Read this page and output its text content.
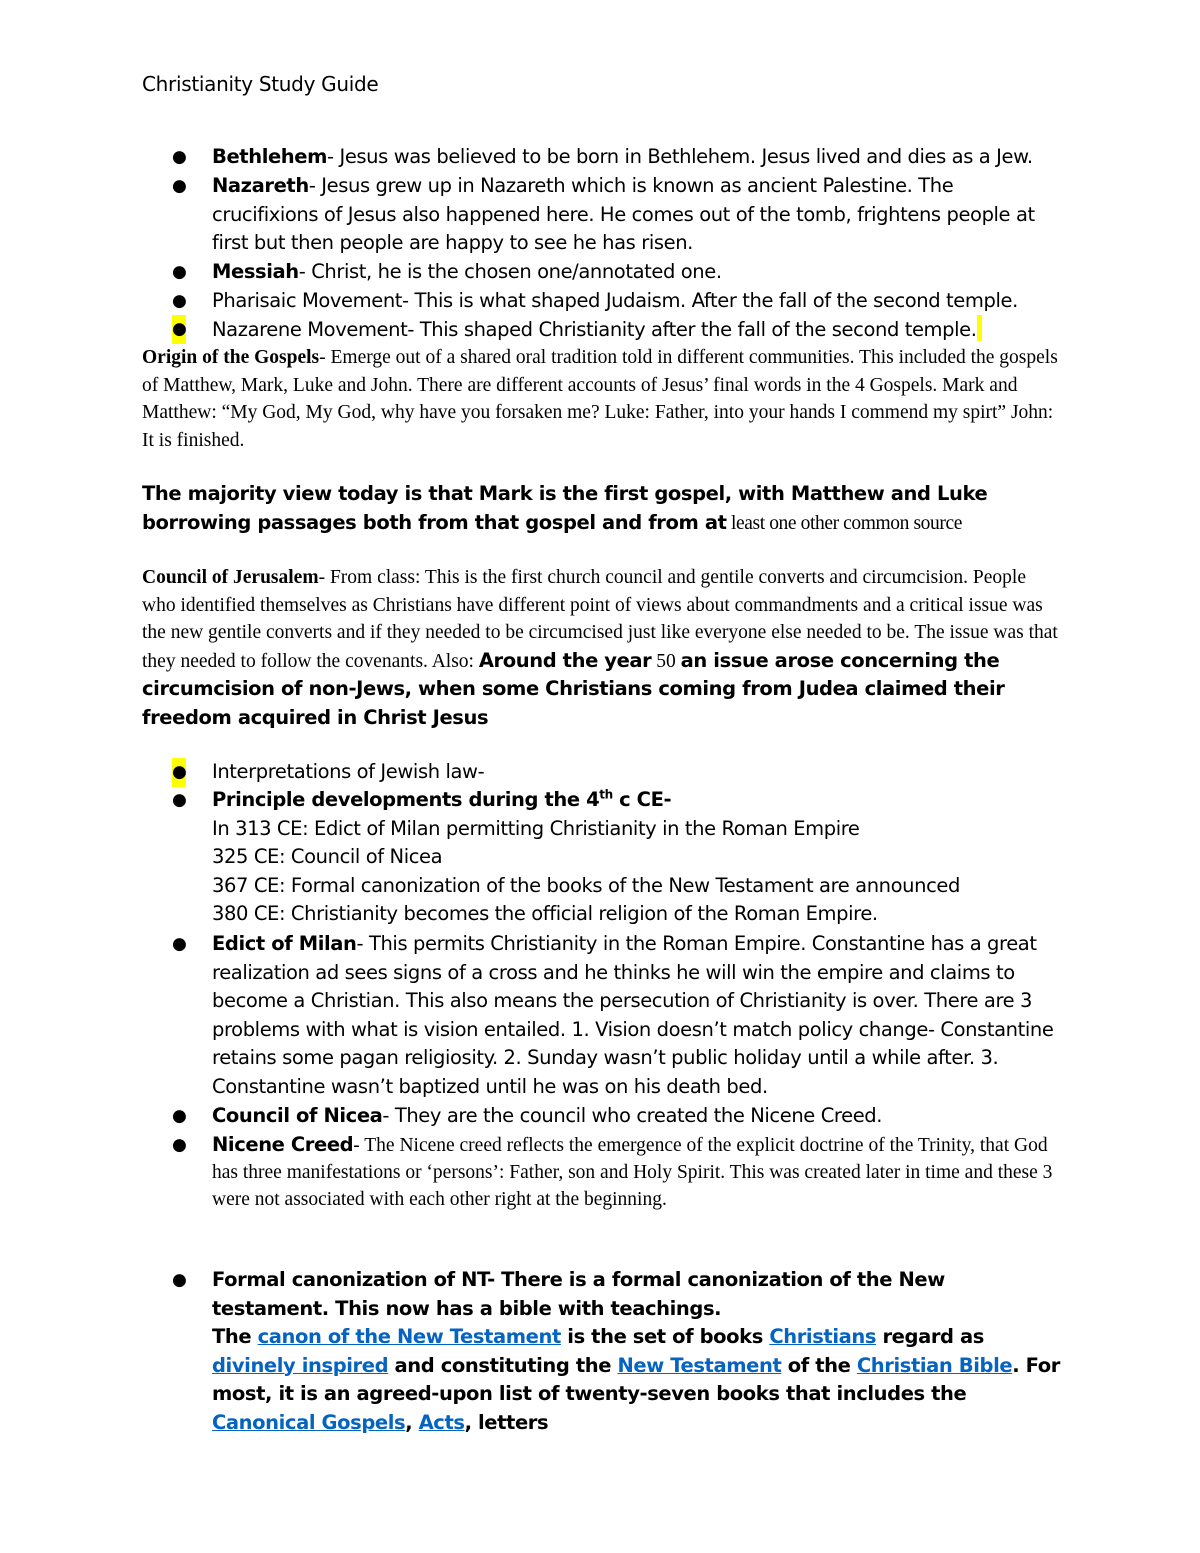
Christianity Study Guide
● Bethlehem- Jesus was believed to be born in Bethlehem. Jesus lived and dies as a Jew.
● Nazareth- Jesus grew up in Nazareth which is known as ancient Palestine. The crucifixions of Jesus also happened here. He comes out of the tomb, frightens people at first but then people are happy to see he has risen.
● Messiah- Christ, he is the chosen one/annotated one.
● Pharisaic Movement- This is what shaped Judaism. After the fall of the second temple.
● Nazarene Movement- This shaped Christianity after the fall of the second temple.
Origin of the Gospels- Emerge out of a shared oral tradition told in different communities. This included the gospels of Matthew, Mark, Luke and John. There are different accounts of Jesus’ final words in the 4 Gospels. Mark and Matthew: “My God, My God, why have you forsaken me? Luke: Father, into your hands I commend my spirt” John: It is finished.
The majority view today is that Mark is the first gospel, with Matthew and Luke borrowing passages both from that gospel and from at least one other common source
Council of Jerusalem- From class: This is the first church council and gentile converts and circumcision. People who identified themselves as Christians have different point of views about commandments and a critical issue was the new gentile converts and if they needed to be circumcised just like everyone else needed to be. The issue was that they needed to follow the covenants. Also: Around the year 50 an issue arose concerning the circumcision of non-Jews, when some Christians coming from Judea claimed their freedom acquired in Christ Jesus
● Interpretations of Jewish law-
● Principle developments during the 4th c CE-
In 313 CE: Edict of Milan permitting Christianity in the Roman Empire
325 CE: Council of Nicea
367 CE: Formal canonization of the books of the New Testament are announced
380 CE: Christianity becomes the official religion of the Roman Empire.
● Edict of Milan- This permits Christianity in the Roman Empire. Constantine has a great realization ad sees signs of a cross and he thinks he will win the empire and claims to become a Christian. This also means the persecution of Christianity is over. There are 3 problems with what is vision entailed. 1. Vision doesn’t match policy change- Constantine retains some pagan religiosity. 2. Sunday wasn’t public holiday until a while after. 3. Constantine wasn’t baptized until he was on his death bed.
● Council of Nicea- They are the council who created the Nicene Creed.
● Nicene Creed- The Nicene creed reflects the emergence of the explicit doctrine of the Trinity, that God has three manifestations or ‘persons’: Father, son and Holy Spirit. This was created later in time and these 3 were not associated with each other right at the beginning.
● Formal canonization of NT- There is a formal canonization of the New testament. This now has a bible with teachings.
The canon of the New Testament is the set of books Christians regard as divinely inspired and constituting the New Testament of the Christian Bible. For most, it is an agreed-upon list of twenty-seven books that includes the Canonical Gospels, Acts, letters
